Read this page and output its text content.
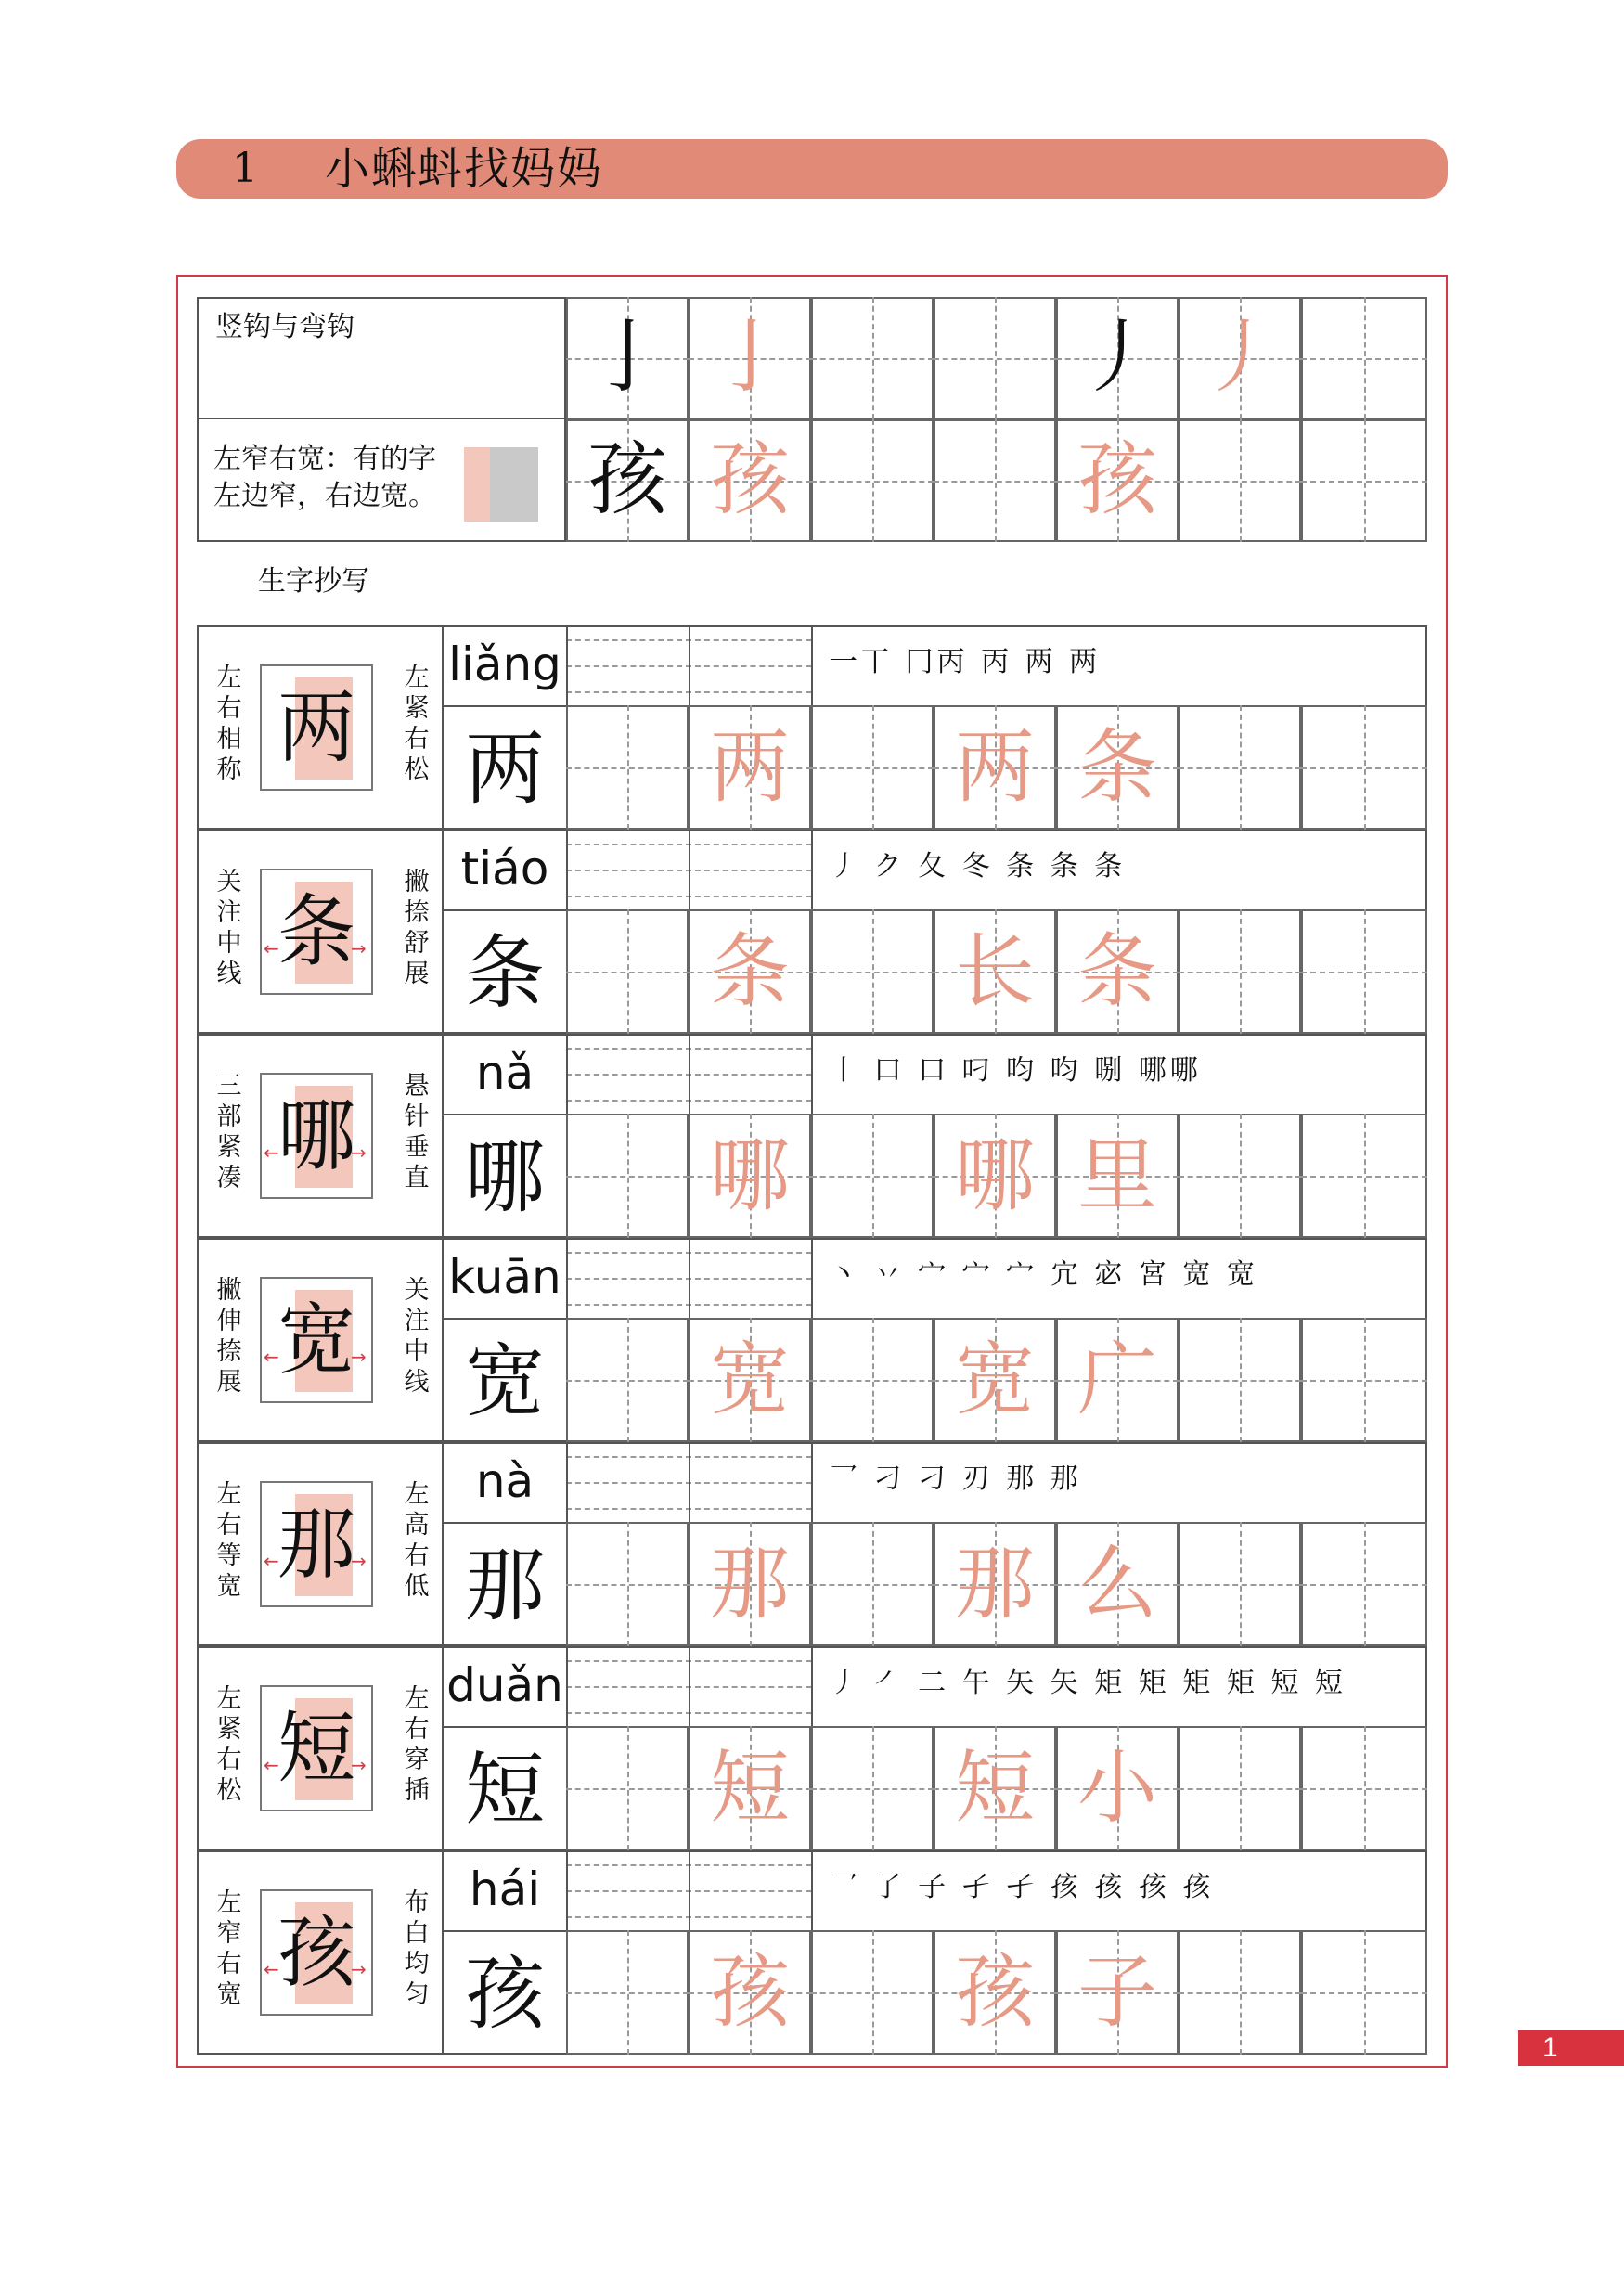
1 小蝌蚪找妈妈
竖钩与弯钩
左窄右宽：有的字
左边窄，右边宽。
生字抄写
1
亅 亅	丿 丿
孩 孩	孩
左右相称
左紧右松
两
liǎng	一丅 冂丙 丙 两 两
两 两 两 条
关注中线
撇捺舒展
条
←	→
tiáo	丿 ク 夂 冬 条 条 条
条 条 长 条
三部紧凑
悬针垂直
哪
←	→
nǎ	丨 口 口 叼 呁 呁 哵 哪哪
哪 哪 哪 里
撇伸捺展
关注中线
宽
←	→
kuān	丶 丷 宀 宀 宀 宂 宓 宮 宽 宽
宽 宽 宽 广
左右等宽
左高右低
那
←	→
nà	乛 刁 刁 刃 那 那
那 那 那 么
左紧右松
左右穿插
短
←	→
duǎn	丿 ㇒ 二 午 矢 矢 矩 矩 矩 矩 短 短
短 短 短 小
左窄右宽
布白均匀
孩
←	→
hái	乛 了 子 孑 孑 孩 孩 孩 孩
孩 孩 孩 子
